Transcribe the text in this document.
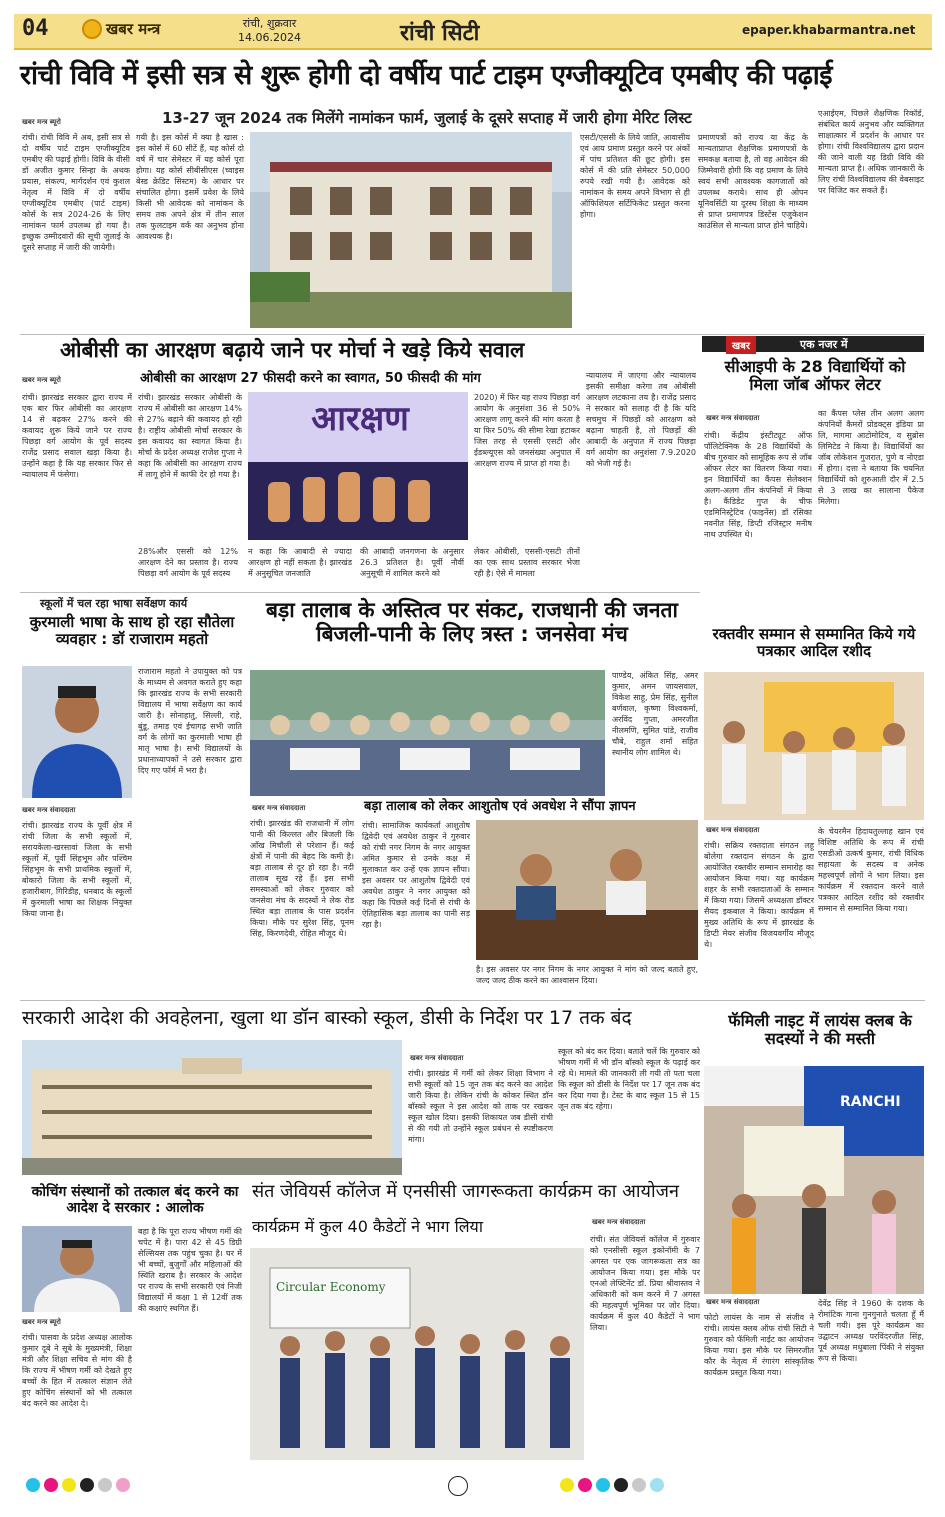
04	खबर मन्त्र	रांची, शुक्रवार
14.06.2024	रांची सिटी	epaper.khabarmantra.net
रांची विवि में इसी सत्र से शुरू होगी दो वर्षीय पार्ट टाइम एग्जीक्यूटिव एमबीए की पढ़ाई
13-27 जून 2024 तक मिलेंगे नामांकन फार्म, जुलाई के दूसरे सप्ताह में जारी होगा मेरिट लिस्ट
खबर मन्त्र ब्यूरो
रांची। रांची विवि में अब, इसी सत्र से दो वर्षीय पार्ट टाइम एग्जीक्यूटिव एमबीए की पढ़ाई होगी। विवि के वीसी डॉ अजीत कुमार सिन्हा के अथक प्रयास, संकल्प, मार्गदर्शन एवं कुशल नेतृत्व में विवि में दो वर्षीय एग्जीक्यूटिव एमबीए (पार्ट टाइम) कोर्स के सत्र 2024-26 के लिए नामांकन फार्म उपलब्ध हो गया है। इच्छुक उम्मीदवारों की सूची जुलाई के दूसरे सप्ताह में जारी की जायेगी।
गयी है। इस कोर्स में क्या है खास : इस कोर्स में 60 सीटें हैं, यह कोर्स दो वर्ष में चार सेमेस्टर में यह कोर्स पूरा होगा। यह कोर्स सीबीसीएस (च्वाइस बेस्ड क्रेडिट सिस्टम) के आधार पर संचालित होगा। इसमें प्रवेश के लिये किसी भी आवेदक को नामांकन के समय तक अपने क्षेत्र में तीन साल तक फुलटाइम वर्क का अनुभव होना आवश्यक है।
एसटी/एससी के लिये जाति, आवासीय एवं आय प्रमाण प्रस्तुत करने पर अंकों में पांच प्रतिशत की छूट होगी। इस कोर्स में की प्रति सेमेस्टर 50,000 रुपये रखी गयी है। आवेदक को नामांकन के समय अपने विभाग से ही ऑफिशियल सर्टिफिकेट प्रस्तुत करना होगा।
प्रमाणपत्रों को राज्य या केंद्र के मान्यताप्राप्त शैक्षणिक प्रमाणपत्रों के समकक्ष बताया है, तो वह आवेदन की जिम्मेवारी होगी कि वह प्रमाण के लिये स्वयं सभी आवश्यक कागजातों को उपलब्ध कराये। साथ ही ओपन यूनिवर्सिटी या दूरस्थ शिक्षा के माध्यम से प्राप्त प्रमाणपत्र डिस्टेंस एजुकेशन काउंसिल से मान्यता प्राप्त होने चाहिये।
एआईएम, पिछले शैक्षणिक रिकॉर्ड, संबंधित कार्य अनुभव और व्यक्तिगत साक्षात्कार में प्रदर्शन के आधार पर होगा। रांची विश्वविद्यालय द्वारा प्रदान की जाने वाली यह डिग्री विवि की मान्यता प्राप्त है। अधिक जानकारी के लिए रांची विश्वविद्यालय की वेबसाइट पर विजिट कर सकते हैं।
ओबीसी का आरक्षण बढ़ाये जाने पर मोर्चा ने खड़े किये सवाल
ओबीसी का आरक्षण 27 फीसदी करने का स्वागत, 50 फीसदी की मांग
खबर मन्त्र ब्यूरो
रांची। झारखंड सरकार द्वारा राज्य में एक बार फिर ओबीसी का आरक्षण 14 से बढ़कर 27% करने की कवायद शुरू किये जाने पर राज्य पिछड़ा वर्ग आयोग के पूर्व सदस्य राजेंद्र प्रसाद सवाल खड़ा किया है। उन्होंने कहा है कि यह सरकार फिर से न्यायालय में फंसेगा।
रांची। झारखंड सरकार ओबीसी के राज्य में ओबीसी का आरक्षण 14% से 27% बढ़ाने की कवायद हो रही है। राष्ट्रीय ओबीसी मोर्चा सरकार के इस कवायद का स्वागत किया है। मोर्चा के प्रदेश अध्यक्ष राजेश गुप्ता ने कहा कि ओबीसी का आरक्षण राज्य में लागू होने में काफी देर हो गया है।
आरक्षण
2020) में फिर यह राज्य पिछड़ा वर्ग आयोग के अनुसंशा 36 से 50% आरक्षण लागू करने की मांग करता है या फिर 50% की सीमा रेखा हटाकर जिस तरह से एससी एसटी और ईडब्ल्यूएस को जनसंख्या अनुपात में आरक्षण राज्य में प्राप्त हो गया है।
न्यायालय में जाएगा और न्यायालय इसकी समीक्षा करेगा तब ओबीसी आरक्षण लटकाना तय है। राजेंद्र प्रसाद ने सरकार को सलाह दी है कि यदि सचमुच में पिछड़ों को आरक्षण को बढ़ाना चाहती है, तो पिछड़ों की आबादी के अनुपात में राज्य पिछड़ा वर्ग आयोग का अनुशंसा 7.9.2020 को भेजी गई है।
28%और एससी को 12% आरक्षण देने का प्रस्ताव है। राज्य पिछड़ा वर्ग आयोग के पूर्व सदस्य
न कहा कि आबादी से ज्यादा आरक्षण हो नहीं सकता है। झारखंड में अनुसूचित जनजाति
की आबादी जनगणना के अनुसार 26.3 प्रतिशत है। पूर्वी नौवीं अनुसूची में शामिल करने को
लेकर ओबीसी, एससी-एसटी तीनों का एक साथ प्रस्ताव सरकार भेजा रही है। ऐसे में मामला
खबर	एक नजर में
सीआइपी के 28 विद्यार्थियों को मिला जॉब ऑफर लेटर
खबर मन्त्र संवाददाता
रांची। केंद्रीय इंस्टीट्यूट ऑफ पॉलिटेक्निक के 28 विद्यार्थियों के बीच गुरुवार को सामूहिक रूप से जॉब ऑफर लेटर का वितरण किया गया। इन विद्यार्थियों का कैंपस सेलेक्शन अलग-अलग तीन कंपनियों में किया है। कैंडिडेट गुप्त के चीफ एडमिनिस्ट्रेटिव (फाइनेंस) डॉ रसिका नवनीत सिंह, डिप्टी रजिस्ट्रार मनीष नाथ उपस्थित थे।
का कैंपस प्लेस तीन अलग अलग कंपनियों कैमरों प्रोडक्ट्स इंडिया प्रा लि, मागमा आटोमोटिव, व सुब्रोस लिमिटेड ने किया है। विद्यार्थियों का जॉब लोकेशन गुजरात, पुणे व नोएडा में होगा। दत्ता ने बताया कि चयनित विद्यार्थियों को शुरुआती दौर में 2.5 से 3 लाख का सालाना पैकेज मिलेगा।
स्कूलों में चल रहा भाषा सर्वेक्षण कार्य
कुरमाली भाषा के साथ हो रहा सौतेला व्यवहार : डॉ राजाराम महतो
राजाराम महतो ने उपायुक्त को पत्र के माध्यम से अवगत कराते हुए कहा कि झारखंड राज्य के सभी सरकारी विद्यालय में भाषा सर्वेक्षण का कार्य जारी है। सोनाहातु, सिल्ली, राहे, बुंडू, तमाड़ एवं ईचागढ़ सभी जाति वर्ग के लोगों का कुरमाली भाषा ही मातृ भाषा है। सभी विद्यालयों के प्रधानाध्यापकों ने उसे सरकार द्वारा दिए गए फॉर्म में भरा है।
खबर मन्त्र संवाददाता
रांची। झारखंड राज्य के पूर्वी क्षेत्र में रांची जिला के सभी स्कूलों में, सरायकेला-खरसावां जिला के सभी स्कूलों में, पूर्वी सिंहभूम और पश्चिम सिंहभूम के सभी प्राथमिक स्कूलों में, बोकारो जिला के सभी स्कूलों में, हजारीबाग, गिरिडीह, धनबाद के स्कूलों में कुरमाली भाषा का शिक्षक नियुक्त किया जाना है।
बड़ा तालाब के अस्तित्व पर संकट, राजधानी की जनता बिजली-पानी के लिए त्रस्त : जनसेवा मंच
पाण्डेय, अंकित सिंह, अमर कुमार, अमन जायसवाल, विकेश साहू, प्रेम सिंह, सुनील बर्णवाल, कृष्णा विश्वकर्मा, अरविंद गुप्ता, अमरजीत नीलमणि, सुमित पांडे, राजीव चौबे, राहुल शर्मा सहित स्थानीय लोग शामिल थे।
खबर मन्त्र संवाददाता
रांची। झारखंड की राजधानी में लोग पानी की किल्लत और बिजली कि आँख मिचौली से परेशान हैं। कई क्षेत्रों में पानी की बेहद कि कमी है। बड़ा तालाब से दूर हो रहा है। नदी तालाब सूख रहे हैं। इस सभी समस्याओं को लेकर गुरुवार को जनसेवा मंच के सदस्यों ने लेक रोड स्थित बड़ा तालाब के पास प्रदर्शन किया। मौके पर सुरेश सिंह, पूनम सिंह, किरणदेवी, रोहित मौजूद थे।
बड़ा तालाब को लेकर आशुतोष एवं अवधेश ने सौंपा ज्ञापन
रांची। सामाजिक कार्यकर्ता आशुतोष द्विवेदी एवं अवधेश ठाकुर ने गुरुवार को रांची नगर निगम के नगर आयुक्त अमित कुमार से उनके कक्ष में मुलाकात कर उन्हें एक ज्ञापन सौंपा। इस अवसर पर आशुतोष द्विवेदी एवं अवधेश ठाकुर ने नगर आयुक्त को कहा कि पिछले कई दिनों से रांची के ऐतिहासिक बड़ा तालाब का पानी सड़ रहा है।
है। इस अवसर पर नगर निगम के नगर आयुक्त ने मांग को जल्द बताते हुए, जल्द जल्द ठीक करने का आश्वासन दिया।
रक्तवीर सम्मान से सम्मानित किये गये पत्रकार आदिल रशीद
खबर मन्त्र संवाददाता
रांची। सक्रिय रक्तदाता संगठन लहू बोलेगा रक्तदान संगठन के द्वारा आयोजित रक्तवीर सम्मान समारोह का आयोजन किया गया। यह कार्यक्रम शहर के सभी रक्तदाताओं के सम्मान में किया गया। जिसमें अध्यक्षता डॉक्टर सैयद इकबाल ने किया। कार्यक्रम में मुख्य अतिथि के रूप में झारखंड के डिप्टी मेयर संजीव विजयवर्गीय मौजूद थे।
के चेयरमैन हिदायतुल्लाह खान एवं विशिष्ट अतिथि के रूप में रांची एसडीओ उत्कर्ष कुमार, रांची विधिक सहायता के सदस्य व अनेक महत्त्वपूर्ण लोगों ने भाग लिया। इस कार्यक्रम में रक्तदान करने वाले पत्रकार आदिल रशीद को रक्तवीर सम्मान से सम्मानित किया गया।
सरकारी आदेश की अवहेलना, खुला था डॉन बास्को स्कूल, डीसी के निर्देश पर 17 तक बंद
खबर मन्त्र संवाददाता
रांची। झारखंड में गर्मी को लेकर शिक्षा विभाग ने सभी स्कूलों को 15 जून तक बंद करने का आदेश जारी किया है। लेकिन रांची के कोकर स्थित डॉन बॉस्को स्कूल ने इस आदेश को ताक पर रखकर स्कूल खोल दिया। इसकी शिकायत जब डीसी रांची से की गयी तो उन्होंने स्कूल प्रबंधन से स्पष्टीकरण मांगा।
स्कूल को बंद कर दिया। बताते चलें कि गुरुवार को भीषण गर्मी में भी डॉन बॉस्को स्कूल के पढ़ाई कर रहे थे। मामले की जानकारी ली गयी तो पता चला कि स्कूल को डीसी के निर्देश पर 17 जून तक बंद कर दिया गया है। टेस्ट के बाद स्कूल 15 से 15 जून तक बंद रहेगा।
फॅमिली नाइट में लायंस क्लब के सदस्यों ने की मस्ती
RANCHI
खबर मन्त्र संवाददाता
फोटो लायंस के नाम से संजीव ने रांची। लायंस क्लब ऑफ रांची सिटी ने गुरुवार को फॅमिली नाईट का आयोजन किया गया। इस मौके पर सिमरजीत कौर के नेतृत्व में रंगारंग सांस्कृतिक कार्यक्रम प्रस्तुत किया गया।
देवेंद्र सिंह ने 1960 के दशक के रोमांटिक गाना गुनगुनाते चलता हूँ मैं चली गयी। इस पूरे कार्यक्रम का उद्घाटन अध्यक्ष परविंदरजीत सिंह, पूर्व अध्यक्ष मधुबाला पिंकी ने संयुक्त रूप से किया।
कोचिंग संस्थानों को तत्काल बंद करने का आदेश दे सरकार : आलोक
खबर मन्त्र ब्यूरो
रांची। पासवा के प्रदेश अध्यक्ष आलोक कुमार दूबे ने सूबे के मुख्यमंत्री, शिक्षा मंत्री और शिक्षा सचिव से मांग की है कि राज्य में भीषण गर्मी को देखते हुए बच्चों के हित में तत्काल संज्ञान लेते हुए कोचिंग संस्थानों को भी तत्काल बंद करने का आदेश दे।
बहा है कि पूरा राज्य भीषण गर्मी की चपेट में है। पारा 42 से 45 डिग्री सेल्सियस तक पहुंच चुका है। घर में भी बच्चों, बुजुर्गों और महिलाओं की स्थिति खराब है। सरकार के आदेश पर राज्य के सभी सरकारी एवं निजी विद्यालयों में कक्षा 1 से 12वीं तक की कक्षाएं स्थगित हैं।
संत जेवियर्स कॉलेज में एनसीसी जागरूकता कार्यक्रम का आयोजन
कार्यक्रम में कुल 40 कैडेटों ने भाग लिया
Circular Economy
खबर मन्त्र संवाददाता
रांची। संत जेवियर्स कॉलेज में गुरुवार को एनसीसी स्कूल इकोनॉमी के 7 अगस्त पर एक जागरूकता सत्र का आयोजन किया गया। इस मौके पर एनओ लेफ्टिनेंट डॉ. प्रिया श्रीवास्तव ने अधिकारी को कम करने में 7 अगस्त की महत्वपूर्ण भूमिका पर जोर दिया। कार्यक्रम में कुल 40 कैडेटों ने भाग लिया।
